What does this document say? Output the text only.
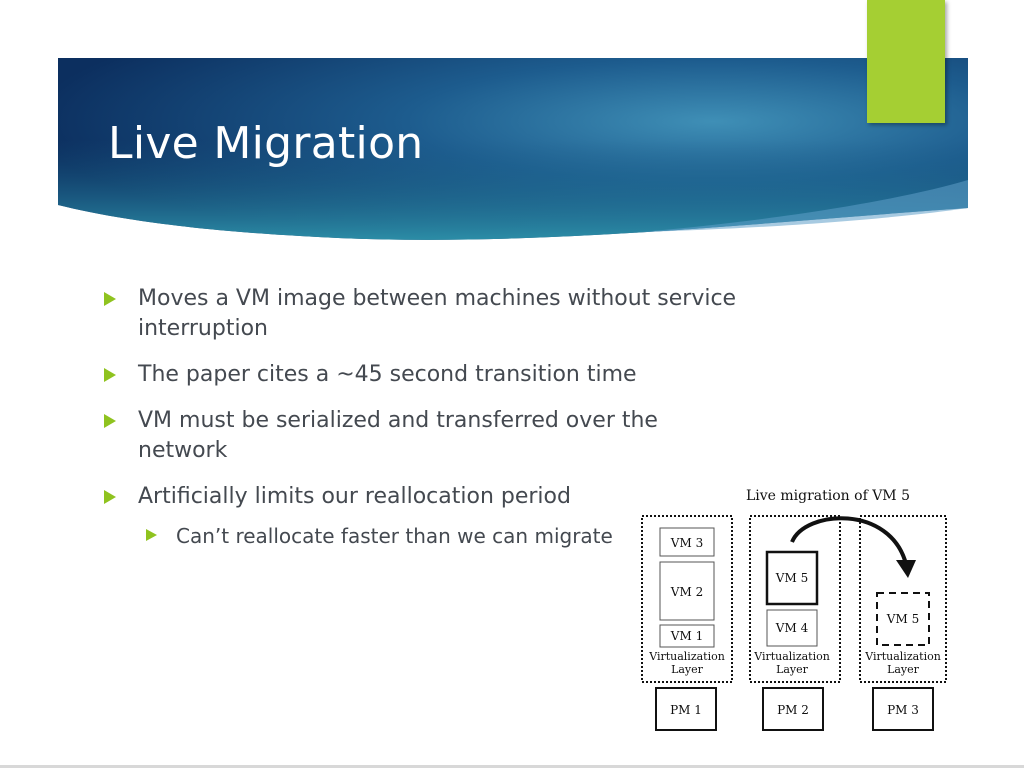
Live Migration
Moves a VM image between machines without service interruption
The paper cites a ~45 second transition time
VM must be serialized and transferred over the network
Artificially limits our reallocation period
Can’t reallocate faster than we can migrate
Live migration of VM 5
VM 3
VM 2
VM 1
Virtualization
Layer
PM 1
VM 5
VM 4
Virtualization
Layer
PM 2
VM 5
Virtualization
Layer
PM 3
